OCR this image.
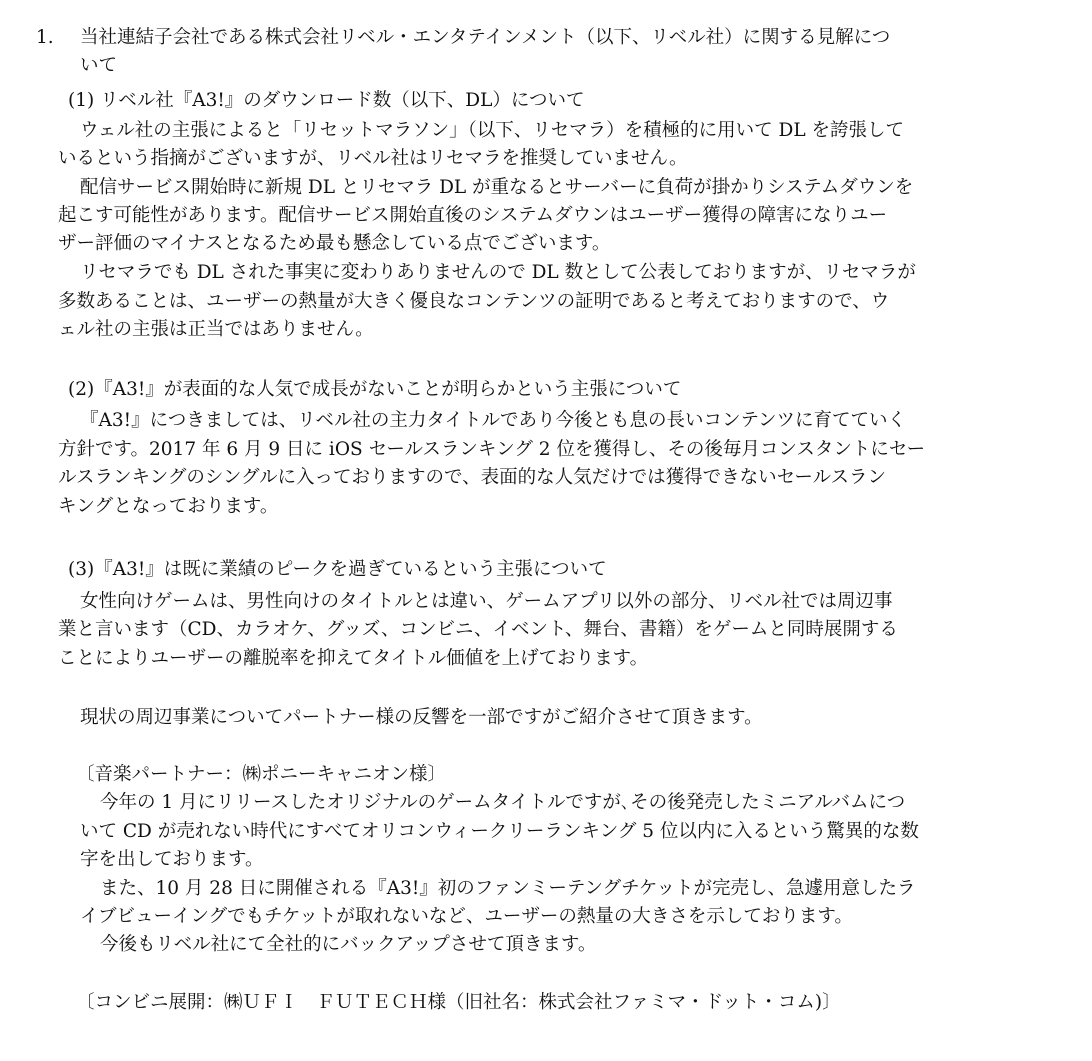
1. 当社連結子会社である株式会社リベル・エンタテインメント（以下、リベル社）に関する見解につ
いて
(1) リベル社『A3!』のダウンロード数（以下、DL）について
ウェル社の主張によると「リセットマラソン」（以下、リセマラ）を積極的に用いて DL を誇張して
いるという指摘がございますが、リベル社はリセマラを推奨していません。
配信サービス開始時に新規 DL とリセマラ DL が重なるとサーバーに負荷が掛かりシステムダウンを
起こす可能性があります。配信サービス開始直後のシステムダウンはユーザー獲得の障害になりユー
ザー評価のマイナスとなるため最も懸念している点でございます。
リセマラでも DL された事実に変わりありませんので DL 数として公表しておりますが、リセマラが
多数あることは、ユーザーの熱量が大きく優良なコンテンツの証明であると考えておりますので、ウ
ェル社の主張は正当ではありません。
(2)『A3!』が表面的な人気で成長がないことが明らかという主張について
『A3!』につきましては、リベル社の主力タイトルであり今後とも息の長いコンテンツに育てていく
方針です。2017 年 6 月 9 日に iOS セールスランキング 2 位を獲得し、その後毎月コンスタントにセー
ルスランキングのシングルに入っておりますので、表面的な人気だけでは獲得できないセールスラン
キングとなっております。
(3)『A3!』は既に業績のピークを過ぎているという主張について
女性向けゲームは、男性向けのタイトルとは違い、ゲームアプリ以外の部分、リベル社では周辺事
業と言います（CD、カラオケ、グッズ、コンビニ、イベント、舞台、書籍）をゲームと同時展開する
ことによりユーザーの離脱率を抑えてタイトル価値を上げております。
現状の周辺事業についてパートナー様の反響を一部ですがご紹介させて頂きます。
〔音楽パートナー：㈱ポニーキャニオン様〕
今年の 1 月にリリースしたオリジナルのゲームタイトルですが､その後発売したミニアルバムにつ
いて CD が売れない時代にすべてオリコンウィークリーランキング 5 位以内に入るという驚異的な数
字を出しております。
また、10 月 28 日に開催される『A3!』初のファンミーテングチケットが完売し、急遽用意したラ
イブビューイングでもチケットが取れないなど、ユーザーの熱量の大きさを示しております。
今後もリベル社にて全社的にバックアップさせて頂きます。
〔コンビニ展開：㈱ＵＦＩ　ＦＵＴＥＣＨ様（旧社名：株式会社ファミマ・ドット・コム)〕
